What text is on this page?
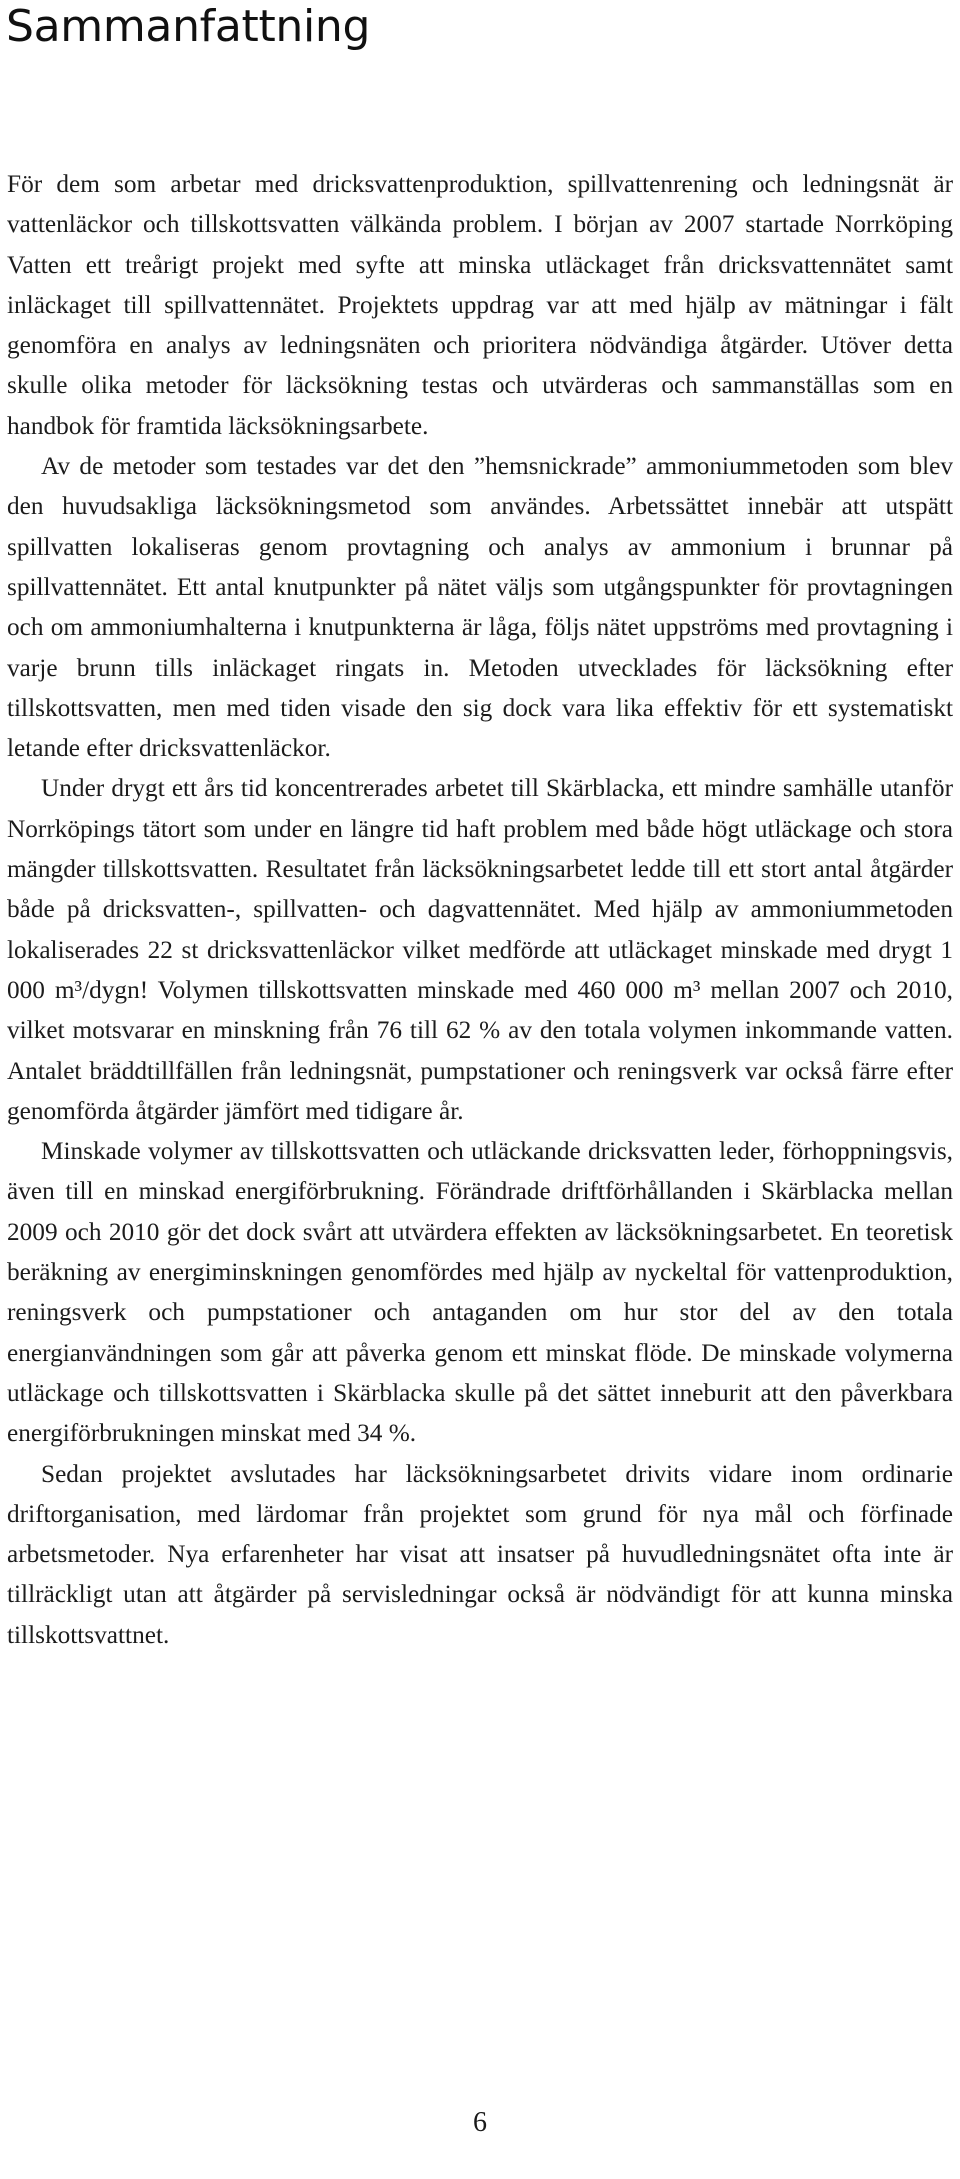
Sammanfattning

För dem som arbetar med dricksvattenproduktion, spillvattenrening och ledningsnät är vattenläckor och tillskottsvatten välkända problem. I början av 2007 startade Norrköping Vatten ett treårigt projekt med syfte att minska utläckaget från dricksvattennätet samt inläckaget till spillvattennätet. Projektets uppdrag var att med hjälp av mätningar i fält genomföra en analys av ledningsnäten och prioritera nödvändiga åtgärder. Utöver detta skulle olika metoder för läcksökning testas och utvärderas och sammanställas som en handbok för framtida läcksökningsarbete.

Av de metoder som testades var det den ”hemsnickrade” ammoniummetoden som blev den huvudsakliga läcksökningsmetod som användes. Arbetssättet innebär att utspätt spillvatten lokaliseras genom provtagning och analys av ammonium i brunnar på spillvattennätet. Ett antal knutpunkter på nätet väljs som utgångspunkter för provtagningen och om ammoniumhalterna i knutpunkterna är låga, följs nätet uppströms med provtagning i varje brunn tills inläckaget ringats in. Metoden utvecklades för läcksökning efter tillskottsvatten, men med tiden visade den sig dock vara lika effektiv för ett systematiskt letande efter dricksvattenläckor.

Under drygt ett års tid koncentrerades arbetet till Skärblacka, ett mindre samhälle utanför Norrköpings tätort som under en längre tid haft problem med både högt utläckage och stora mängder tillskottsvatten. Resultatet från läcksökningsarbetet ledde till ett stort antal åtgärder både på dricksvatten-, spillvatten- och dagvattennätet. Med hjälp av ammoniummetoden lokaliserades 22 st dricksvattenläckor vilket medförde att utläckaget minskade med drygt 1 000 m³/dygn! Volymen tillskottsvatten minskade med 460 000 m³ mellan 2007 och 2010, vilket motsvarar en minskning från 76 till 62 % av den totala volymen inkommande vatten. Antalet bräddtillfällen från ledningsnät, pumpstationer och reningsverk var också färre efter genomförda åtgärder jämfört med tidigare år.

Minskade volymer av tillskottsvatten och utläckande dricksvatten leder, förhoppningsvis, även till en minskad energiförbrukning. Förändrade driftförhållanden i Skärblacka mellan 2009 och 2010 gör det dock svårt att utvärdera effekten av läcksökningsarbetet. En teoretisk beräkning av energiminskningen genomfördes med hjälp av nyckeltal för vattenproduktion, reningsverk och pumpstationer och antaganden om hur stor del av den totala energianvändningen som går att påverka genom ett minskat flöde. De minskade volymerna utläckage och tillskottsvatten i Skärblacka skulle på det sättet inneburit att den påverkbara energiförbrukningen minskat med 34 %.

Sedan projektet avslutades har läcksökningsarbetet drivits vidare inom ordinarie driftorganisation, med lärdomar från projektet som grund för nya mål och förfinade arbetsmetoder. Nya erfarenheter har visat att insatser på huvudledningsnätet ofta inte är tillräckligt utan att åtgärder på servisledningar också är nödvändigt för att kunna minska tillskottsvattnet.

6
